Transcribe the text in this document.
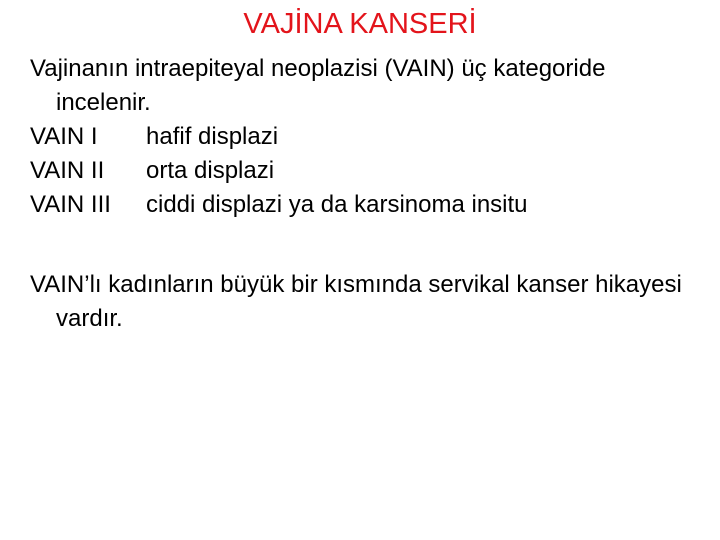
VAJİNA KANSERİ

Vajinanın intraepiteyal neoplazisi (VAIN) üç kategoride incelenir.

VAIN I	hafif displazi
VAIN II	orta displazi
VAIN III	ciddi displazi ya da karsinoma insitu

VAIN’lı kadınların büyük bir kısmında servikal kanser hikayesi vardır.
